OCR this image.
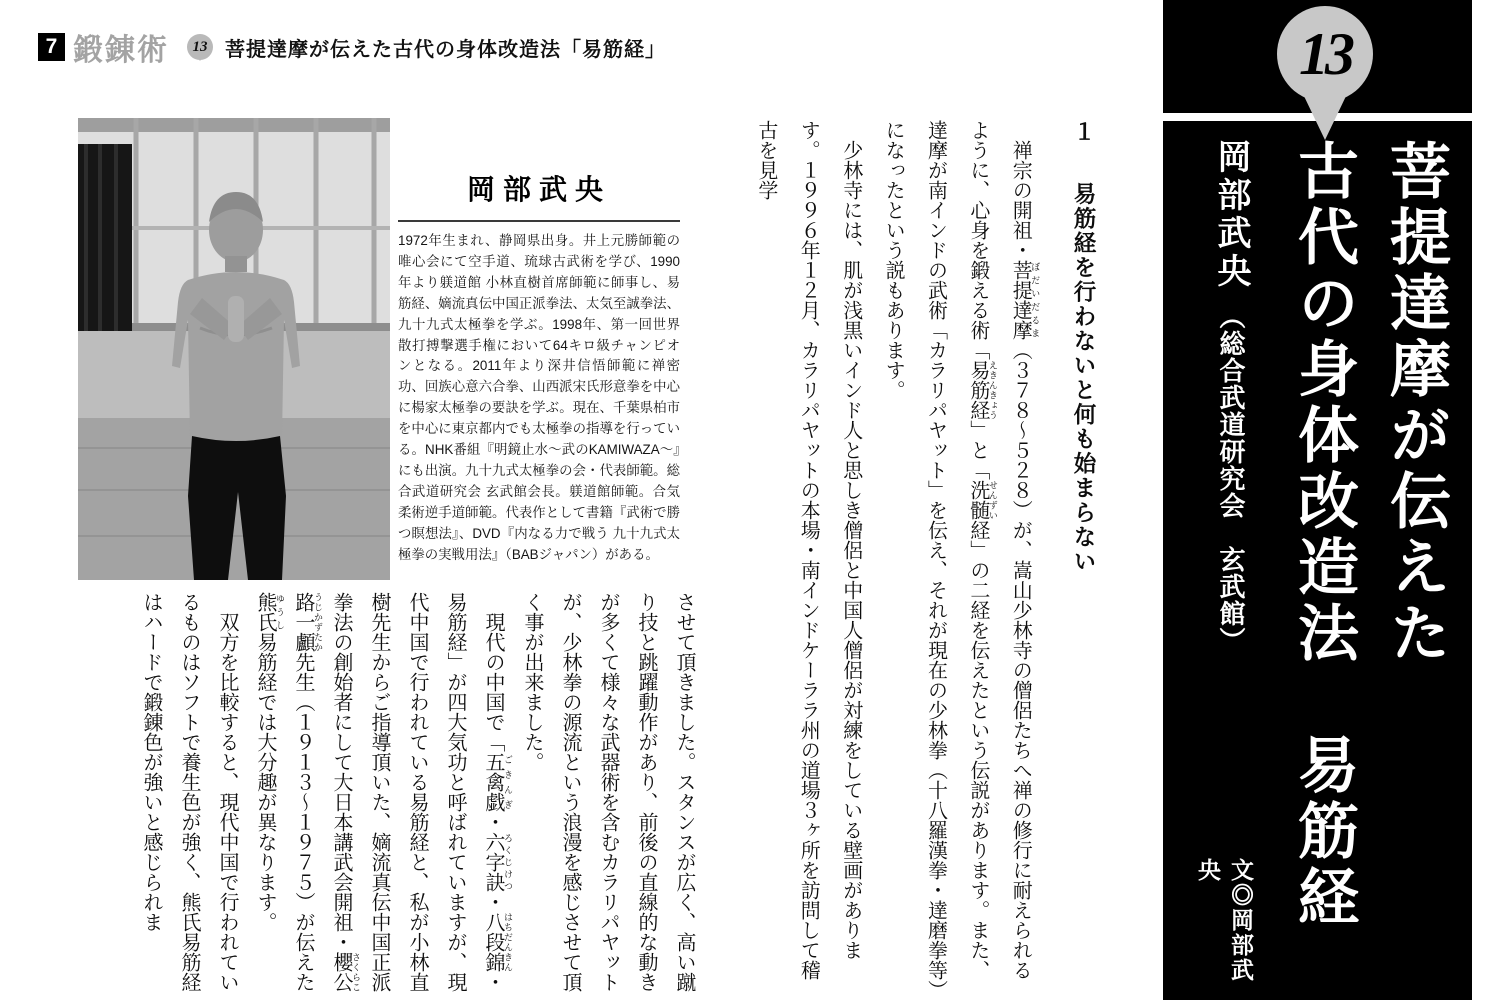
7 鍛錬術 13 菩提達摩が伝えた古代の身体改造法「易筋経」
岡部武央

1972年生まれ、静岡県出身。井上元勝師範の唯心会にて空手道、琉球古武術を学び、1990年より躾道館 小林直樹首席師範に師事し、易筋経、嫡流真伝中国正派拳法、太気至誠拳法、九十九式太極拳を学ぶ。1998年、第一回世界散打搏撃選手権において64キロ級チャンピオンとなる。2011年より深井信悟師範に禅密功、回族心意六合拳、山西派宋氏形意拳を中心に楊家太極拳の要訣を学ぶ。現在、千葉県柏市を中心に東京都内でも太極拳の指導を行っている。NHK番組『明鏡止水〜武のKAMIWAZA〜』にも出演。九十九式太極拳の会・代表師範。総合武道研究会 玄武館会長。躾道館師範。合気柔術逆手道師範。代表作として書籍『武術で勝つ瞑想法』、DVD『内なる力で戦う 九十九式太極拳の実戦用法』（BABジャパン）がある。

１ 易筋経を行わないと何も始まらない

禅宗の開祖・菩提達摩 ぼだいだるま（３７８〜５２８）が、嵩山少林寺の僧侶たちへ禅の修行に耐えられるように、心身を鍛える術「易筋経 えきんきょう」と「洗髄 せんずい経」の二経を伝えたという伝説があります。また、達摩が南インドの武術「カラリパヤット」を伝え、それが現在の少林拳（十八羅漢拳・達磨拳等）になったという説もあります。

少林寺には、肌が浅黒いインド人と思しき僧侶と中国人僧侶が対練をしている壁画があります。１９９６年１２月、カラリパヤットの本場・南インドケーララ州の道場３ヶ所を訪問して稽古を見学

させて頂きました。スタンスが広く、高い蹴り技と跳躍動作があり、前後の直線的な動きが多くて様々な武器術を含むカラリパヤットが、少林拳の源流という浪漫を感じさせて頂く事が出来ました。

現代の中国で「五禽戯 ごきんぎ・六字訣 ろくじけつ・八段錦 はちだんきん・易筋経」が四大気功と呼ばれていますが、現代中国で行われている易筋経と、私が小林直樹先生からご指導頂いた、嫡流真伝中国正派拳法の創始者にして大日本講武会開祖・櫻公路一顱さくらこうじかずたか先生（１９１３〜１９７５）が伝えた熊氏 ゆうし易筋経では大分趣が異なります。

双方を比較すると、現代中国で行われているものはソフトで養生色が強く、熊氏易筋経はハードで鍛錬色が強いと感じられま

13
菩提達摩が伝えた
古代の身体改造法　易筋経
岡部武央 （総合武道研究会　玄武館）
文◎岡部武央
